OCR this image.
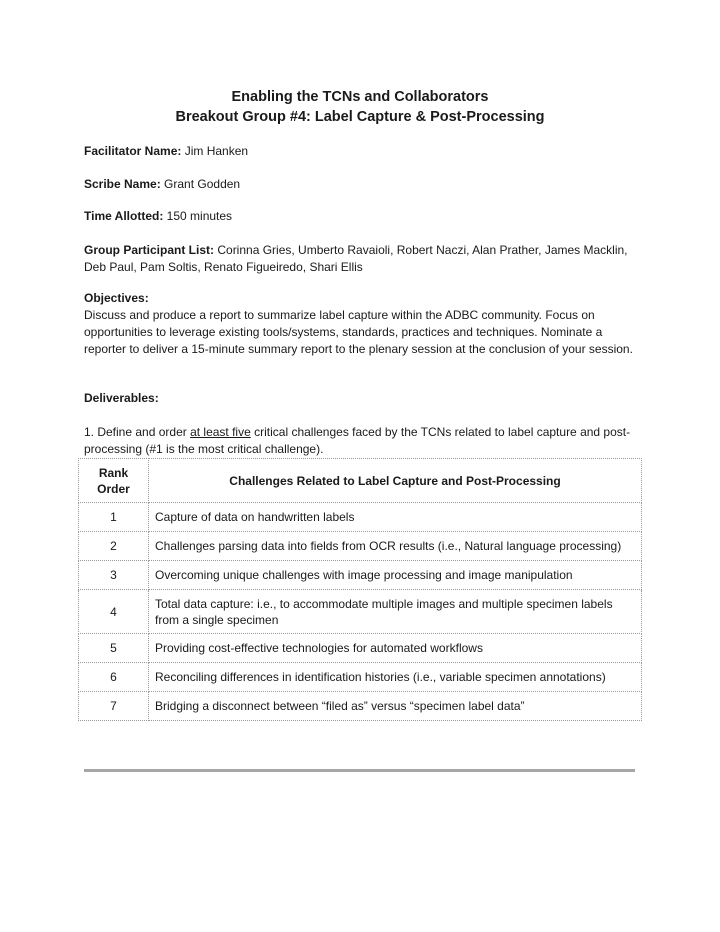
Enabling the TCNs and Collaborators
Breakout Group #4: Label Capture & Post-Processing
Facilitator Name: Jim Hanken
Scribe Name: Grant Godden
Time Allotted: 150 minutes
Group Participant List: Corinna Gries, Umberto Ravaioli, Robert Naczi, Alan Prather, James Macklin, Deb Paul, Pam Soltis, Renato Figueiredo, Shari Ellis
Objectives:
Discuss and produce a report to summarize label capture within the ADBC community. Focus on opportunities to leverage existing tools/systems, standards, practices and techniques. Nominate a reporter to deliver a 15-minute summary report to the plenary session at the conclusion of your session.
Deliverables:
1. Define and order at least five critical challenges faced by the TCNs related to label capture and post-processing (#1 is the most critical challenge).
Rank Order	Challenges Related to Label Capture and Post-Processing
1	Capture of data on handwritten labels
2	Challenges parsing data into fields from OCR results (i.e., Natural language processing)
3	Overcoming unique challenges with image processing and image manipulation
4	Total data capture: i.e., to accommodate multiple images and multiple specimen labels from a single specimen
5	Providing cost-effective technologies for automated workflows
6	Reconciling differences in identification histories (i.e., variable specimen annotations)
7	Bridging a disconnect between “filed as” versus “specimen label data”
